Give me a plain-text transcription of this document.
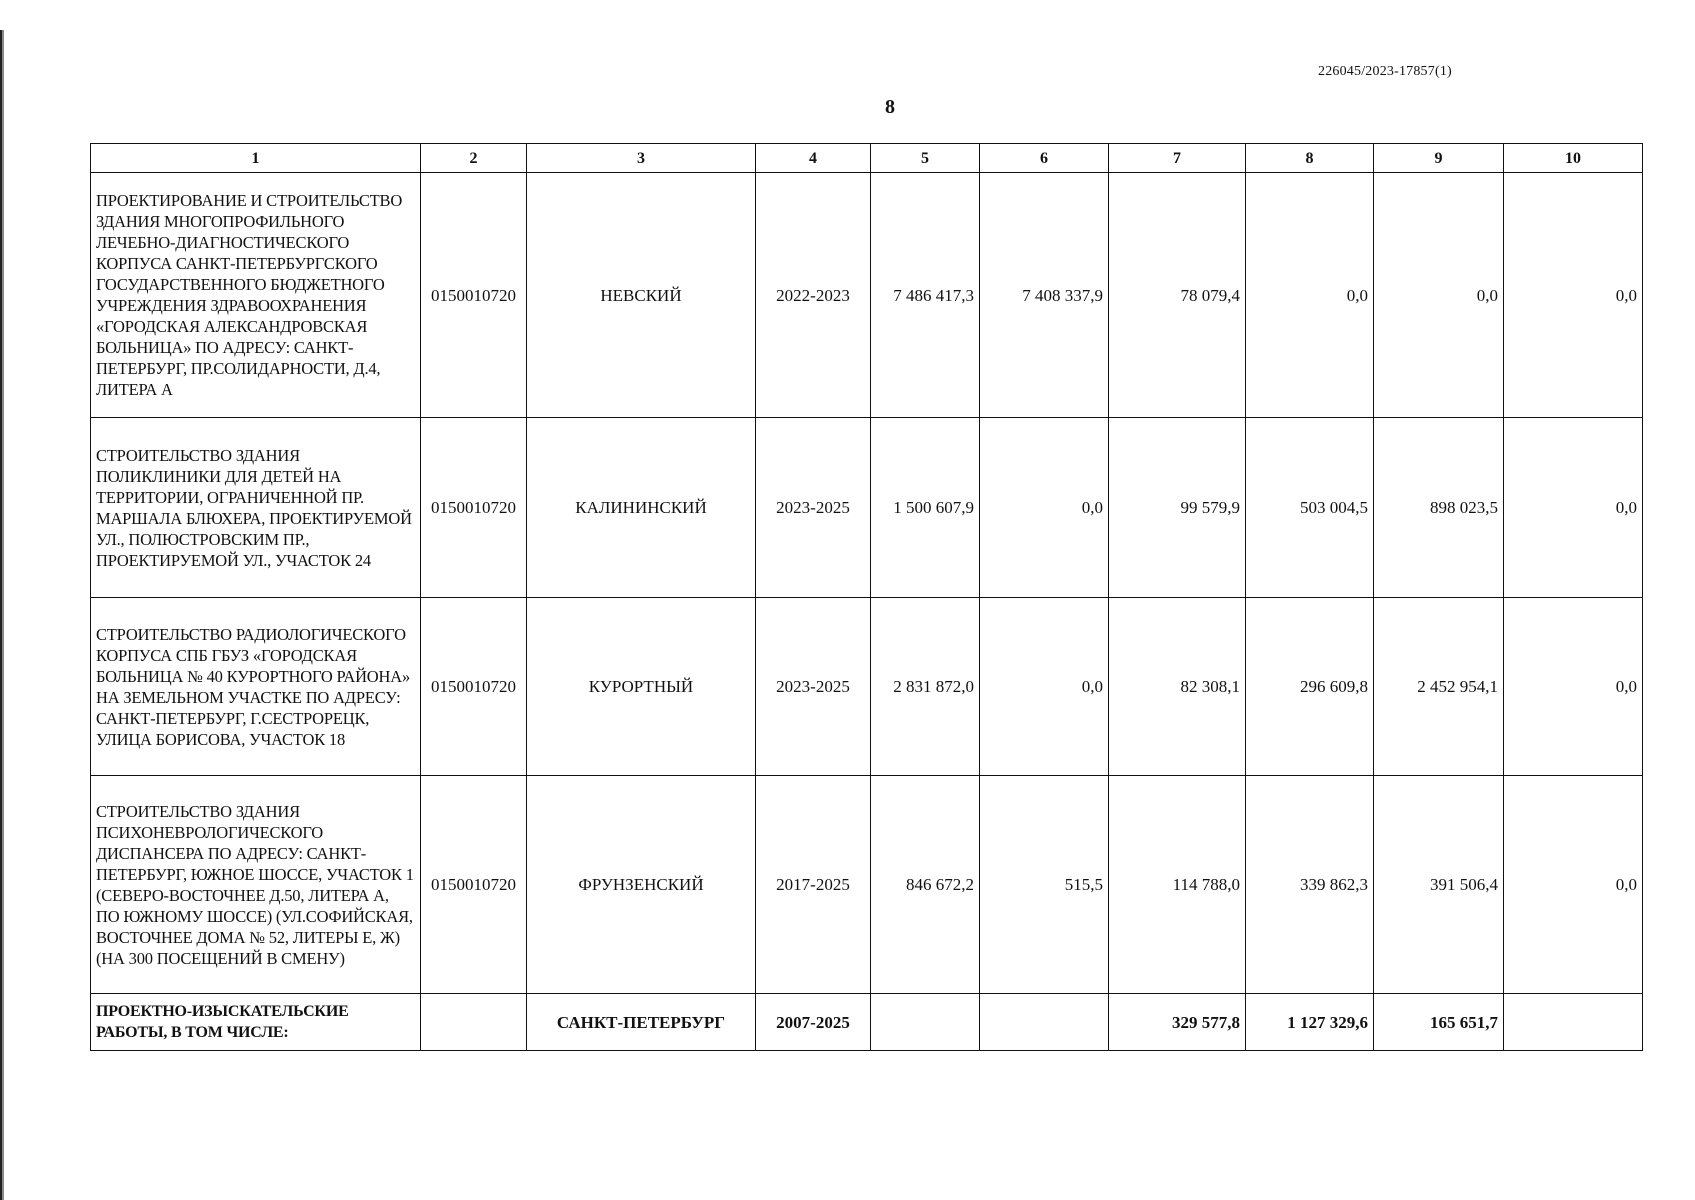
226045/2023-17857(1)
8
1	2	3	4	5	6	7	8	9	10
ПРОЕКТИРОВАНИЕ И СТРОИТЕЛЬСТВО ЗДАНИЯ МНОГОПРОФИЛЬНОГО ЛЕЧЕБНО-ДИАГНОСТИЧЕСКОГО КОРПУСА САНКТ-ПЕТЕРБУРГСКОГО ГОСУДАРСТВЕННОГО БЮДЖЕТНОГО УЧРЕЖДЕНИЯ ЗДРАВООХРАНЕНИЯ «ГОРОДСКАЯ АЛЕКСАНДРОВСКАЯ БОЛЬНИЦА» ПО АДРЕСУ: САНКТ-ПЕТЕРБУРГ, ПР.СОЛИДАРНОСТИ, Д.4, ЛИТЕРА А	0150010720	НЕВСКИЙ	2022-2023	7 486 417,3	7 408 337,9	78 079,4	0,0	0,0	0,0
СТРОИТЕЛЬСТВО ЗДАНИЯ ПОЛИКЛИНИКИ ДЛЯ ДЕТЕЙ НА ТЕРРИТОРИИ, ОГРАНИЧЕННОЙ ПР. МАРШАЛА БЛЮХЕРА, ПРОЕКТИРУЕМОЙ УЛ., ПОЛЮСТРОВСКИМ ПР., ПРОЕКТИРУЕМОЙ УЛ., УЧАСТОК 24	0150010720	КАЛИНИНСКИЙ	2023-2025	1 500 607,9	0,0	99 579,9	503 004,5	898 023,5	0,0
СТРОИТЕЛЬСТВО РАДИОЛОГИЧЕСКОГО КОРПУСА СПБ ГБУЗ «ГОРОДСКАЯ БОЛЬНИЦА № 40 КУРОРТНОГО РАЙОНА» НА ЗЕМЕЛЬНОМ УЧАСТКЕ ПО АДРЕСУ: САНКТ-ПЕТЕРБУРГ, Г.СЕСТРОРЕЦК, УЛИЦА БОРИСОВА, УЧАСТОК 18	0150010720	КУРОРТНЫЙ	2023-2025	2 831 872,0	0,0	82 308,1	296 609,8	2 452 954,1	0,0
СТРОИТЕЛЬСТВО ЗДАНИЯ ПСИХОНЕВРОЛОГИЧЕСКОГО ДИСПАНСЕРА ПО АДРЕСУ: САНКТ-ПЕТЕРБУРГ, ЮЖНОЕ ШОССЕ, УЧАСТОК 1 (СЕВЕРО-ВОСТОЧНЕЕ Д.50, ЛИТЕРА А, ПО ЮЖНОМУ ШОССЕ) (УЛ.СОФИЙСКАЯ, ВОСТОЧНЕЕ ДОМА № 52, ЛИТЕРЫ Е, Ж) (НА 300 ПОСЕЩЕНИЙ В СМЕНУ)	0150010720	ФРУНЗЕНСКИЙ	2017-2025	846 672,2	515,5	114 788,0	339 862,3	391 506,4	0,0
ПРОЕКТНО-ИЗЫСКАТЕЛЬСКИЕ РАБОТЫ, В ТОМ ЧИСЛЕ:		САНКТ-ПЕТЕРБУРГ	2007-2025			329 577,8	1 127 329,6	165 651,7	
